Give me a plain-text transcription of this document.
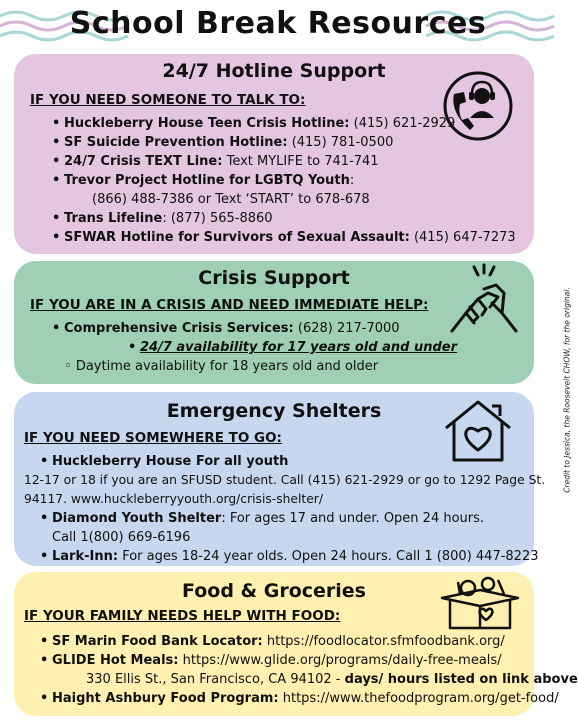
School Break Resources
24/7 Hotline Support
IF YOU NEED SOMEONE TO TALK TO:
• Huckleberry House Teen Crisis Hotline: (415) 621-2929
• SF Suicide Prevention Hotline: (415) 781-0500
• 24/7 Crisis TEXT Line: Text MYLIFE to 741-741
• Trevor Project Hotline for LGBTQ Youth:
(866) 488-7386 or Text ‘START’ to 678-678
• Trans Lifeline: (877) 565-8860
• SFWAR Hotline for Survivors of Sexual Assault: (415) 647-7273
Crisis Support
IF YOU ARE IN A CRISIS AND NEED IMMEDIATE HELP:
• Comprehensive Crisis Services: (628) 217-7000
• 24/7 availability for 17 years old and under
◦ Daytime availability for 18 years old and older
Emergency Shelters
IF YOU NEED SOMEWHERE TO GO:
• Huckleberry House For all youth
12-17 or 18 if you are an SFUSD student. Call (415) 621-2929 or go to 1292 Page St.
94117. www.huckleberryyouth.org/crisis-shelter/
• Diamond Youth Shelter: For ages 17 and under. Open 24 hours.
Call 1(800) 669-6196
• Lark-Inn: For ages 18-24 year olds. Open 24 hours. Call 1 (800) 447-8223
Food & Groceries
IF YOUR FAMILY NEEDS HELP WITH FOOD:
• SF Marin Food Bank Locator: https://foodlocator.sfmfoodbank.org/
• GLIDE Hot Meals: https://www.glide.org/programs/daily-free-meals/
330 Ellis St., San Francisco, CA 94102 - days/ hours listed on link above
• Haight Ashbury Food Program: https://www.thefoodprogram.org/get-food/
Credit to Jessica, the Roosevelt CHOW, for the original.
